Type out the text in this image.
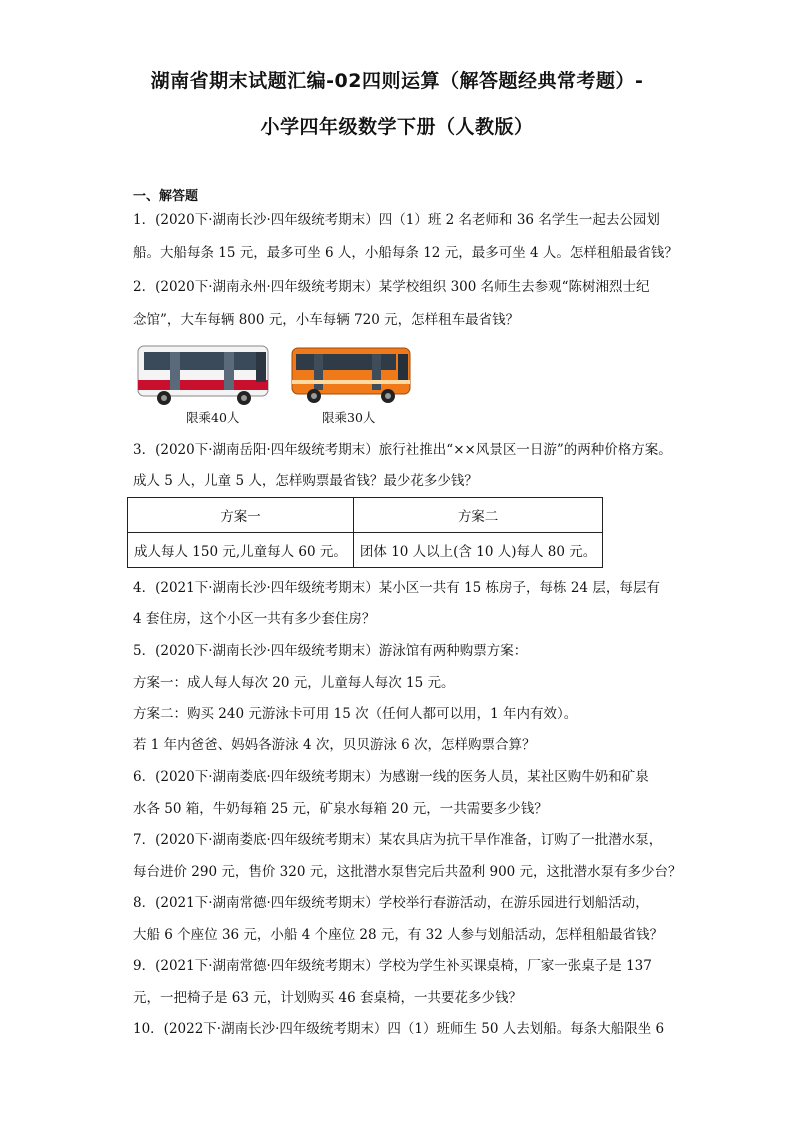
湖南省期末试题汇编-02四则运算（解答题经典常考题）-
小学四年级数学下册（人教版）
一、解答题
1．(2020下·湖南长沙·四年级统考期末）四（1）班 2 名老师和 36 名学生一起去公园划
船。大船每条 15 元，最多可坐 6 人，小船每条 12 元，最多可坐 4 人。怎样租船最省钱？
2．(2020下·湖南永州·四年级统考期末）某学校组织 300 名师生去参观“陈树湘烈士纪
念馆”，大车每辆 800 元，小车每辆 720 元，怎样租车最省钱？
限乘40人	限乘30人
3．(2020下·湖南岳阳·四年级统考期末）旅行社推出“××风景区一日游”的两种价格方案。
成人 5 人，儿童 5 人，怎样购票最省钱？最少花多少钱？
方案一	方案二
成人每人 150 元,儿童每人 60 元。	团体 10 人以上(含 10 人)每人 80 元。
4．(2021下·湖南长沙·四年级统考期末）某小区一共有 15 栋房子，每栋 24 层，每层有
4 套住房，这个小区一共有多少套住房？
5．(2020下·湖南长沙·四年级统考期末）游泳馆有两种购票方案：
方案一：成人每人每次 20 元，儿童每人每次 15 元。
方案二：购买 240 元游泳卡可用 15 次（任何人都可以用，1 年内有效）。
若 1 年内爸爸、妈妈各游泳 4 次，贝贝游泳 6 次，怎样购票合算？
6．(2020下·湖南娄底·四年级统考期末）为感谢一线的医务人员，某社区购牛奶和矿泉
水各 50 箱，牛奶每箱 25 元，矿泉水每箱 20 元，一共需要多少钱？
7．(2020下·湖南娄底·四年级统考期末）某农具店为抗干旱作准备，订购了一批潜水泵，
每台进价 290 元，售价 320 元，这批潜水泵售完后共盈利 900 元，这批潜水泵有多少台？
8．(2021下·湖南常德·四年级统考期末）学校举行春游活动，在游乐园进行划船活动，
大船 6 个座位 36 元，小船 4 个座位 28 元，有 32 人参与划船活动，怎样租船最省钱？
9．(2021下·湖南常德·四年级统考期末）学校为学生补买课桌椅，厂家一张桌子是 137
元，一把椅子是 63 元，计划购买 46 套桌椅，一共要花多少钱？
10．(2022下·湖南长沙·四年级统考期末）四（1）班师生 50 人去划船。每条大船限坐 6
